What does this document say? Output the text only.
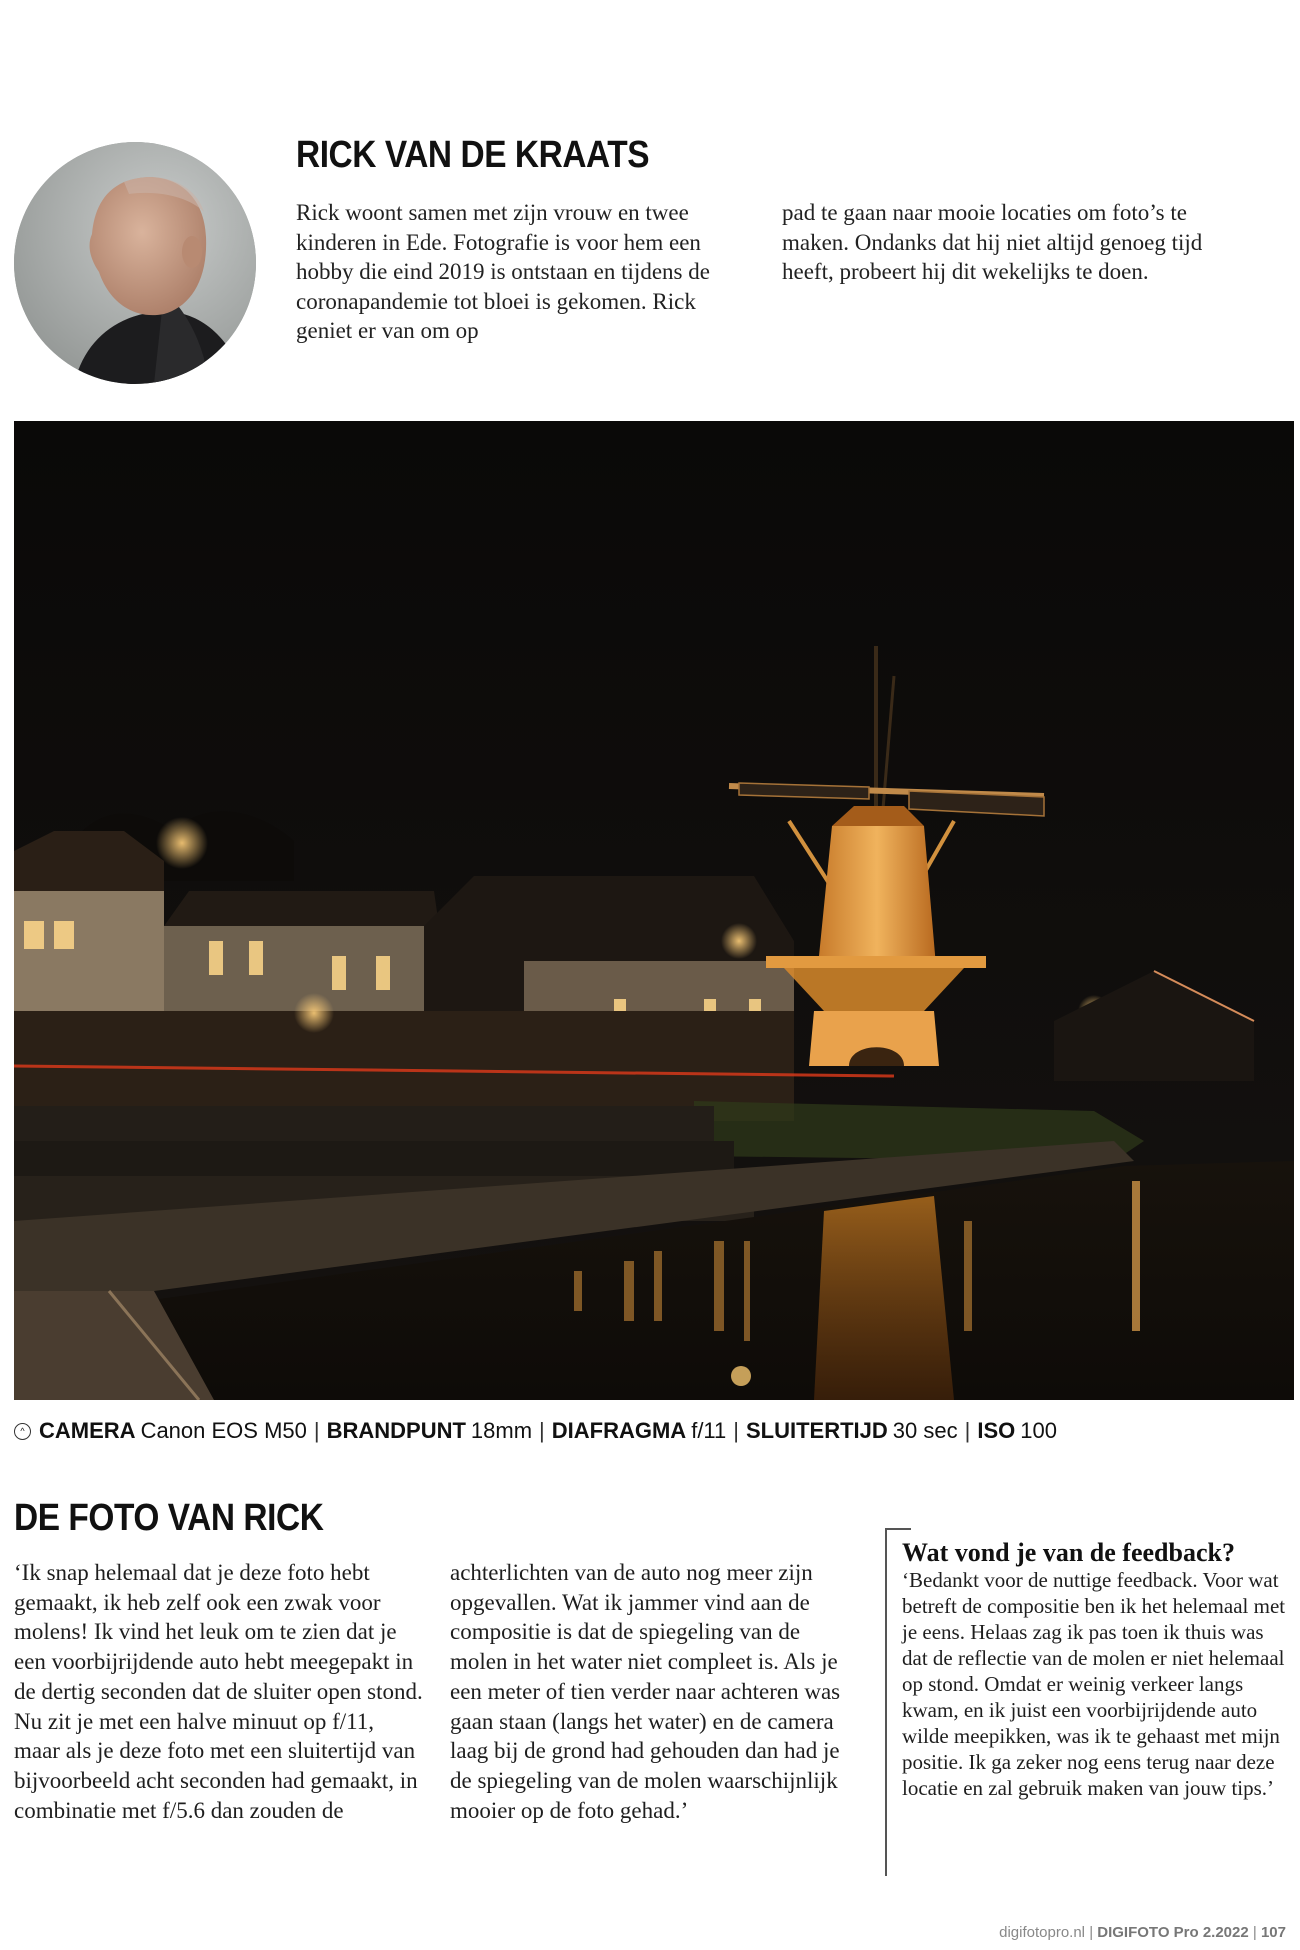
RICK VAN DE KRAATS
Rick woont samen met zijn vrouw en twee kinderen in Ede. Fotografie is voor hem een hobby die eind 2019 is ontstaan en tijdens de coronapandemie tot bloei is gekomen. Rick geniet er van om op
pad te gaan naar mooie locaties om foto’s te maken. Ondanks dat hij niet altijd genoeg tijd heeft, probeert hij dit wekelijks te doen.
^ CAMERA Canon EOS M50 | BRANDPUNT 18mm | DIAFRAGMA f/11 | SLUITERTIJD 30 sec | ISO 100
DE FOTO VAN RICK
‘Ik snap helemaal dat je deze foto hebt gemaakt, ik heb zelf ook een zwak voor molens! Ik vind het leuk om te zien dat je een voorbijrijdende auto hebt meegepakt in de dertig seconden dat de sluiter open stond. Nu zit je met een halve minuut op f/11, maar als je deze foto met een sluitertijd van bijvoorbeeld acht seconden had gemaakt, in combinatie met f/5.6 dan zouden de
achterlichten van de auto nog meer zijn opgevallen. Wat ik jammer vind aan de compositie is dat de spiegeling van de molen in het water niet compleet is. Als je een meter of tien verder naar achteren was gaan staan (langs het water) en de camera laag bij de grond had gehouden dan had je de spiegeling van de molen waarschijnlijk mooier op de foto gehad.’
Wat vond je van de feedback?
‘Bedankt voor de nuttige feedback. Voor wat betreft de compositie ben ik het helemaal met je eens. Helaas zag ik pas toen ik thuis was dat de reflectie van de molen er niet helemaal op stond. Omdat er weinig verkeer langs kwam, en ik juist een voorbijrijdende auto wilde meepikken, was ik te gehaast met mijn positie. Ik ga zeker nog eens terug naar deze locatie en zal gebruik maken van jouw tips.’
digifotopro.nl | DIGIFOTO Pro 2.2022 | 107
